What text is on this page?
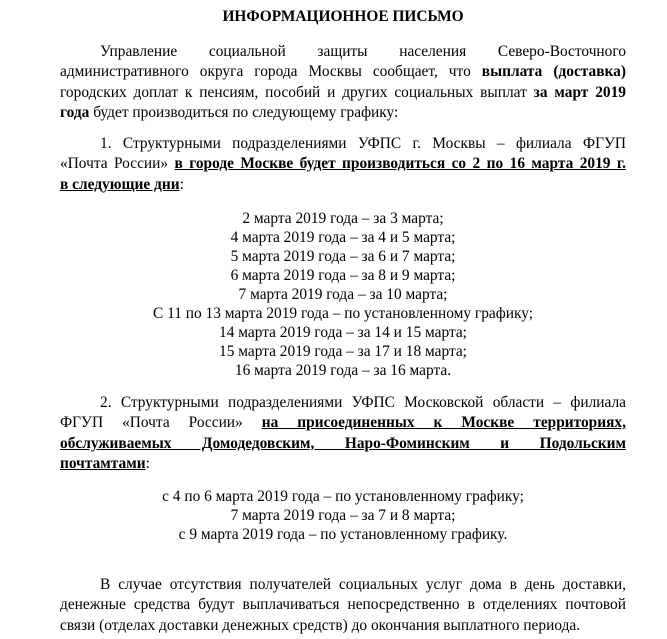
ИНФОРМАЦИОННОЕ ПИСЬМО
Управление социальной защиты населения Северо-Восточного
административного округа города Москвы сообщает, что выплата (доставка)
городских доплат к пенсиям, пособий и других социальных выплат за март 2019
года будет производиться по следующему графику:
1. Структурными подразделениями УФПС г. Москвы – филиала ФГУП
«Почта России» в городе Москве будет производиться со 2 по 16 марта 2019 г.
в следующие дни:
2 марта 2019 года – за 3 марта;
4 марта 2019 года – за 4 и 5 марта;
5 марта 2019 года – за 6 и 7 марта;
6 марта 2019 года – за 8 и 9 марта;
7 марта 2019 года – за 10 марта;
С 11 по 13 марта 2019 года – по установленному графику;
14 марта 2019 года – за 14 и 15 марта;
15 марта 2019 года – за 17 и 18 марта;
16 марта 2019 года – за 16 марта.
2. Структурными подразделениями УФПС Московской области – филиала
ФГУП «Почта России» на присоединенных к Москве территориях,
обслуживаемых Домодедовским, Наро-Фоминским и Подольским
почтамтами:
с 4 по 6 марта 2019 года – по установленному графику;
7 марта 2019 года – за 7 и 8 марта;
с 9 марта 2019 года – по установленному графику.
В случае отсутствия получателей социальных услуг дома в день доставки,
денежные средства будут выплачиваться непосредственно в отделениях почтовой
связи (отделах доставки денежных средств) до окончания выплатного периода.
